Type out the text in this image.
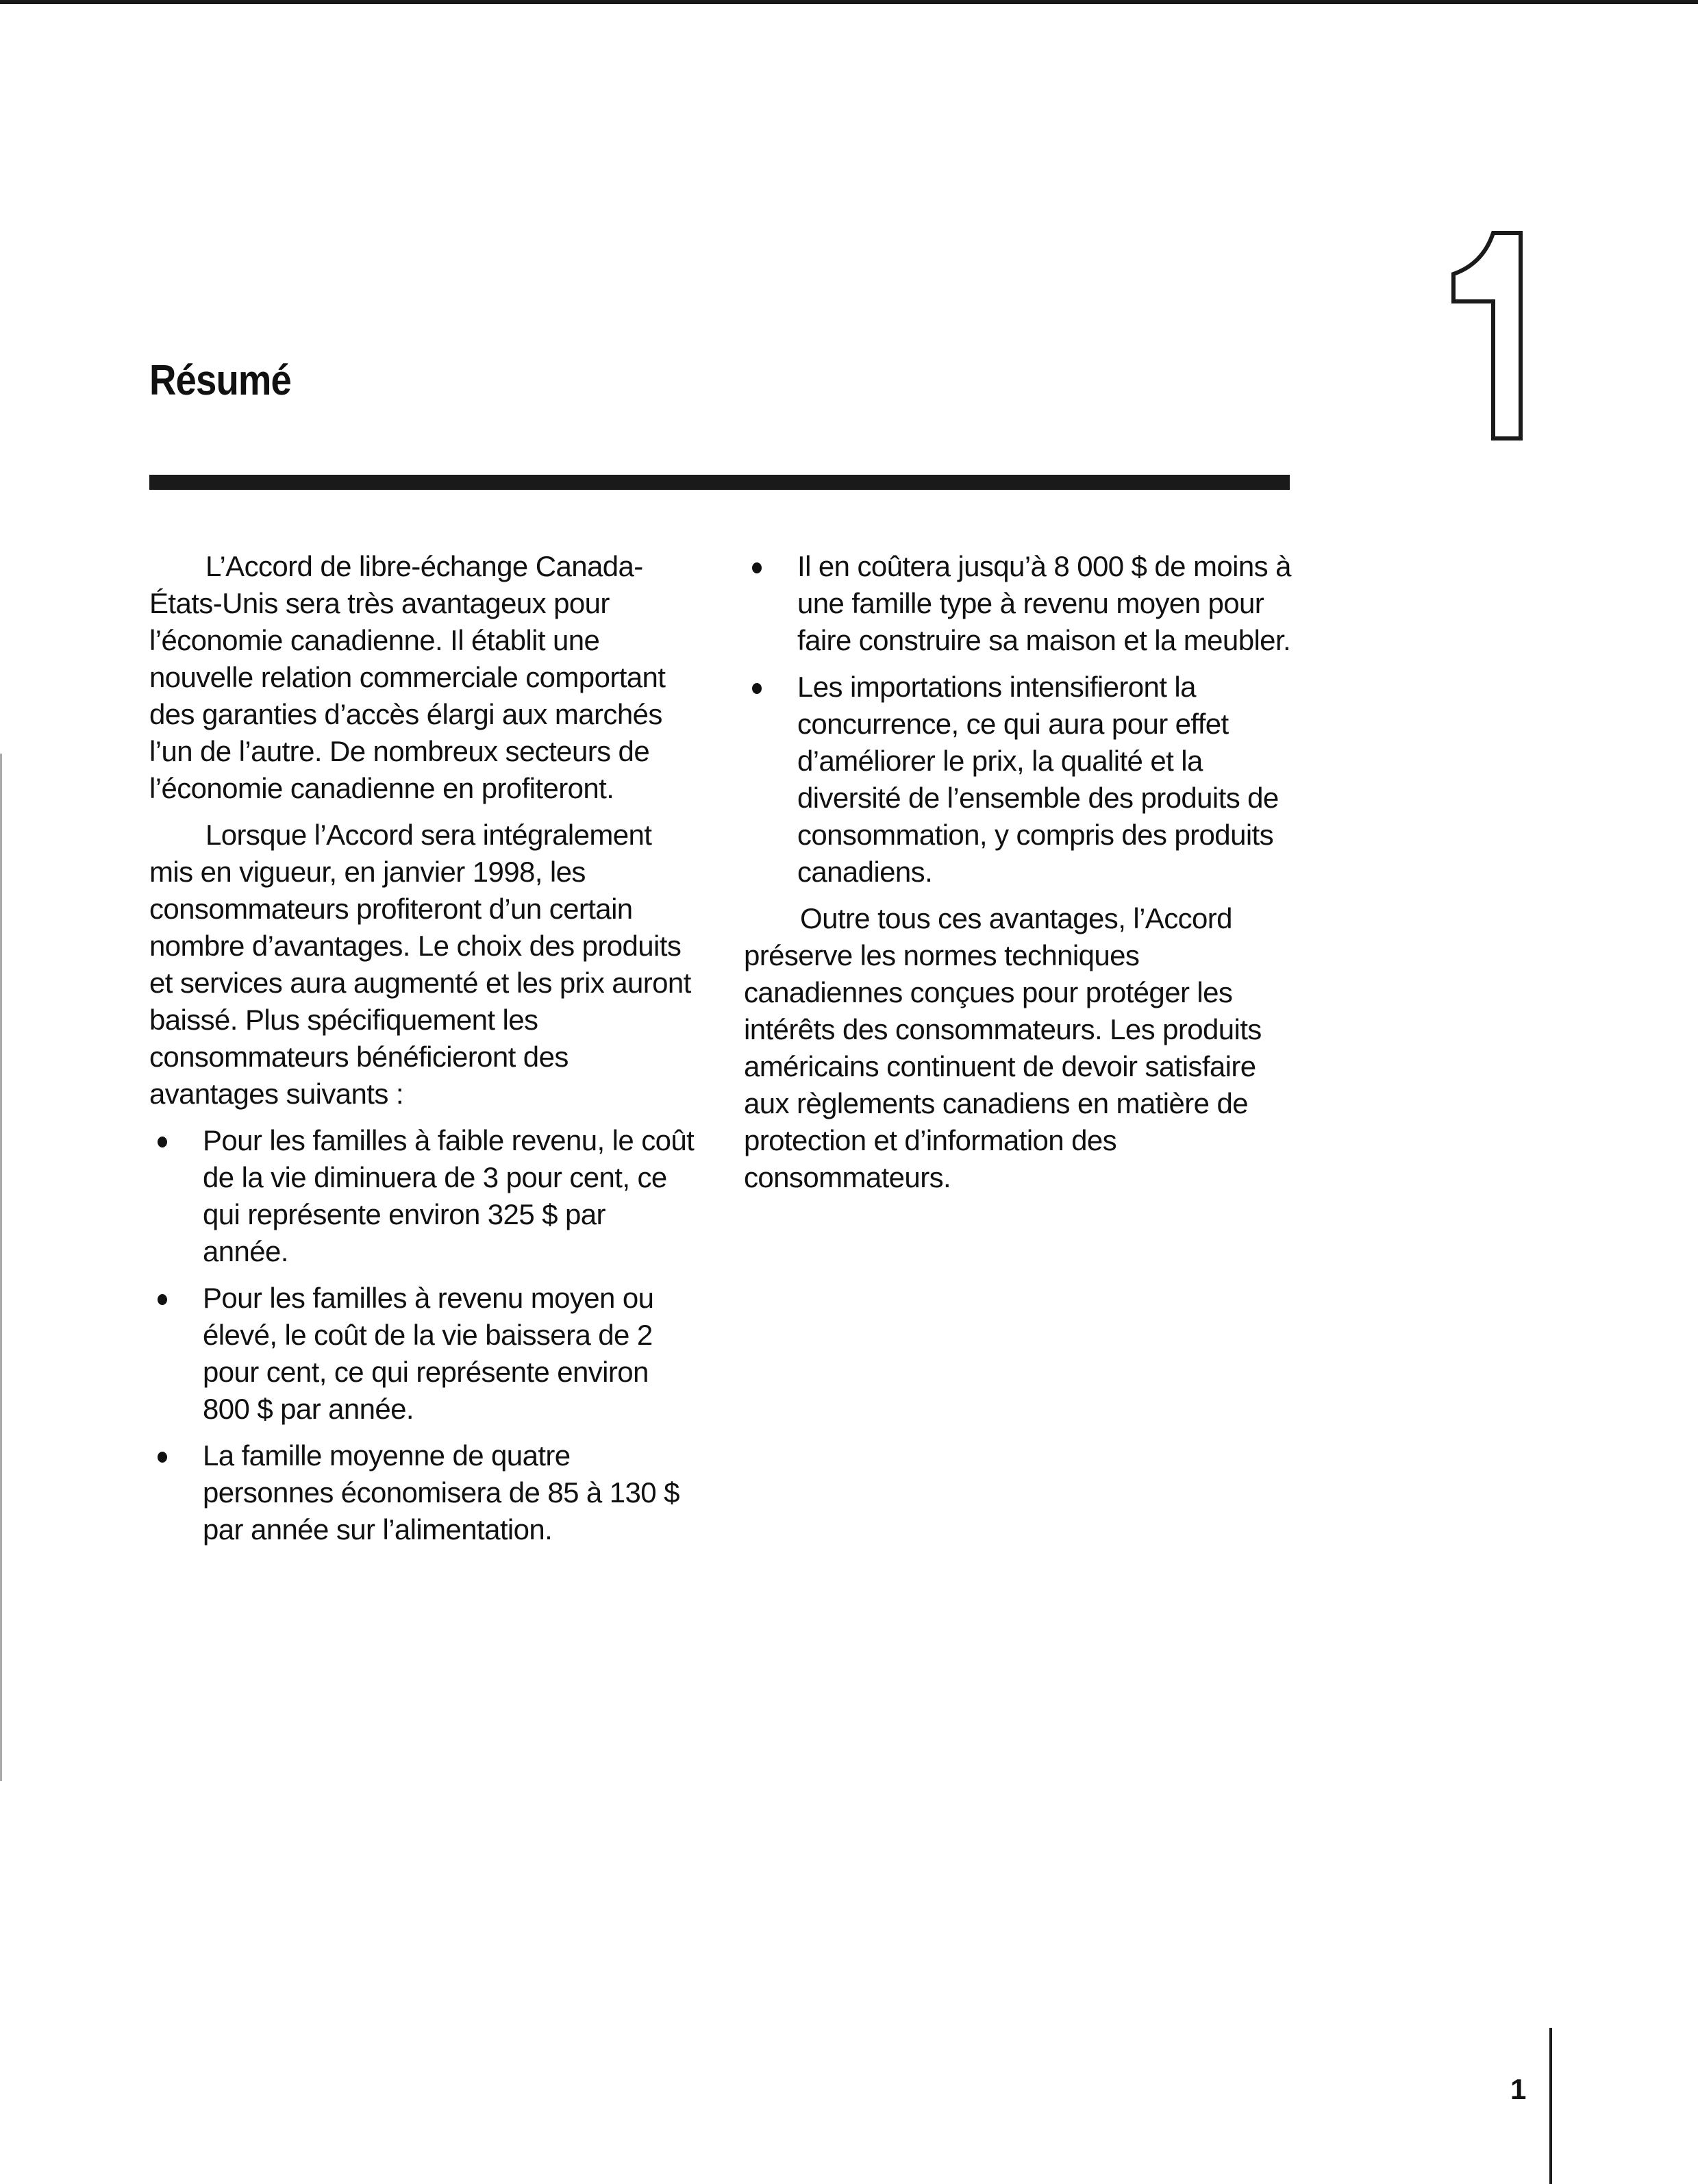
Résumé

L’Accord de libre-échange Canada-États-Unis sera très avantageux pour l’économie canadienne. Il établit une nouvelle relation commerciale comportant des garanties d’accès élargi aux marchés l’un de l’autre. De nombreux secteurs de l’économie canadienne en profiteront.

Lorsque l’Accord sera intégralement mis en vigueur, en janvier 1998, les consommateurs profiteront d’un certain nombre d’avantages. Le choix des produits et services aura augmenté et les prix auront baissé. Plus spécifiquement les consommateurs bénéficieront des avantages suivants :

Pour les familles à faible revenu, le coût de la vie diminuera de 3 pour cent, ce qui représente environ 325 $ par année.
Pour les familles à revenu moyen ou élevé, le coût de la vie baissera de 2 pour cent, ce qui représente environ 800 $ par année.
La famille moyenne de quatre personnes économisera de 85 à 130 $ par année sur l’alimentation.
Il en coûtera jusqu’à 8 000 $ de moins à une famille type à revenu moyen pour faire construire sa maison et la meubler.
Les importations intensifieront la concurrence, ce qui aura pour effet d’améliorer le prix, la qualité et la diversité de l’ensemble des produits de consommation, y compris des produits canadiens.

Outre tous ces avantages, l’Accord préserve les normes techniques canadiennes conçues pour protéger les intérêts des consommateurs. Les produits américains continuent de devoir satisfaire aux règlements canadiens en matière de protection et d’information des consommateurs.

1
